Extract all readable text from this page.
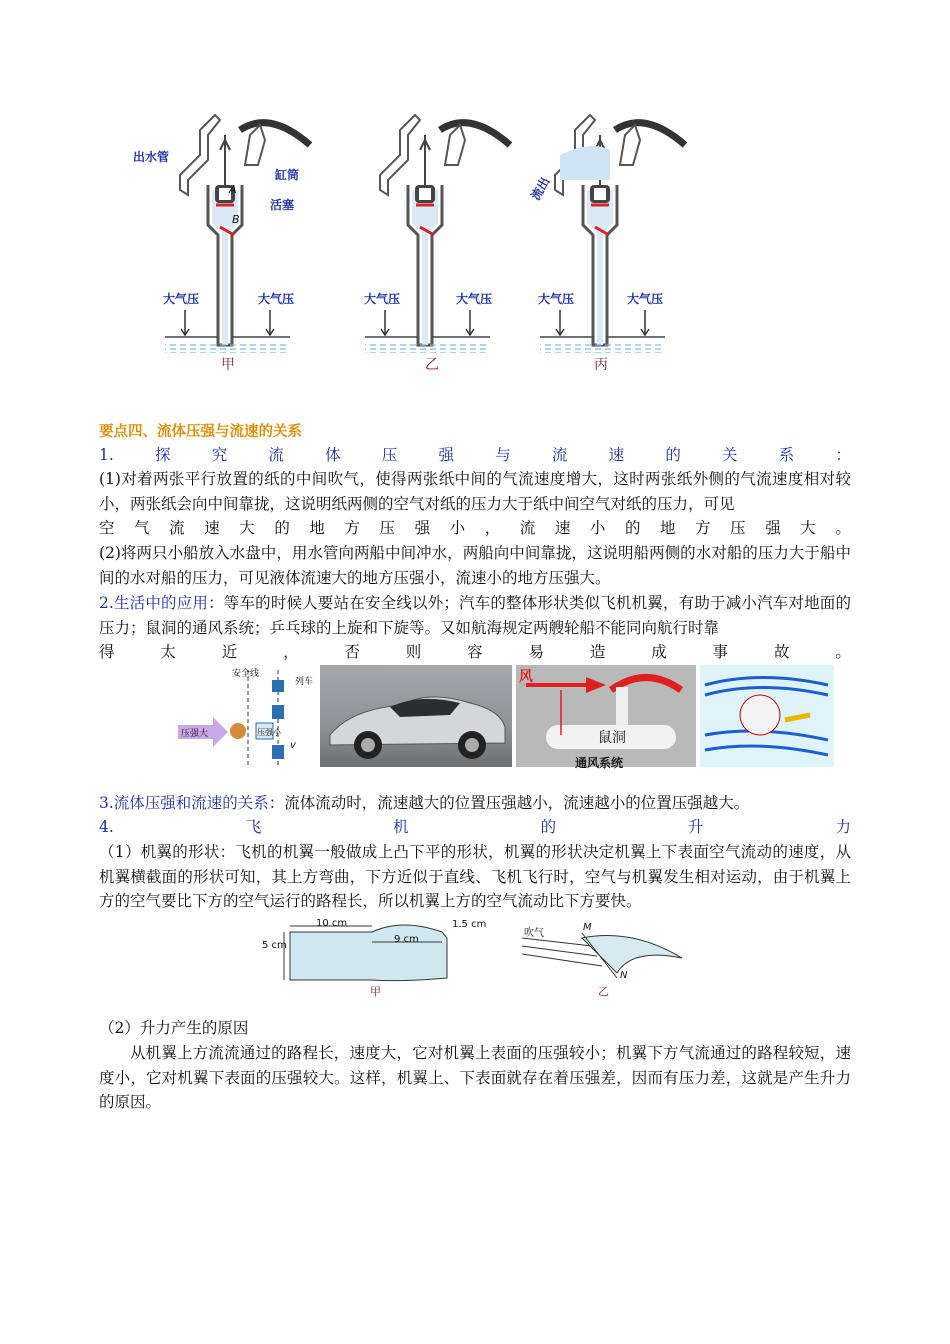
出水管
缸筒
活塞
大气压	大气压	大气压	大气压	大气压	大气压
流出
A
B
甲	乙	丙
要点四、流体压强与流速的关系
1.	探	究	流	体	压	强	与	流	速	的	关	系	：
(1)对着两张平行放置的纸的中间吹气，使得两张纸中间的气流速度增大，这时两张纸外侧的气流速度相对较小，两张纸会向中间靠拢，这说明纸两侧的空气对纸的压力大于纸中间空气对纸的压力，可见
空 气 流 速 大 的 地 方 压 强 小 ， 流 速 小 的 地 方 压 强 大 。
(2)将两只小船放入水盘中，用水管向两船中间冲水，两船向中间靠拢，这说明船两侧的水对船的压力大于船中间的水对船的压力，可见液体流速大的地方压强小，流速小的地方压强大。
2.生活中的应用：等车的时候人要站在安全线以外；汽车的整体形状类似飞机机翼，有助于减小汽车对地面的压力；鼠洞的通风系统；乒乓球的上旋和下旋等。又如航海规定两艘轮船不能同向航行时靠
得	太	近	，	否	则	容	易	造	成	事	故	。
安全线
列车
压强大	压强小
v
风
鼠洞
通风系统
3.流体压强和流速的关系：流体流动时，流速越大的位置压强越小，流速越小的位置压强越大。
4.	飞	机	的	升	力
（1）机翼的形状：飞机的机翼一般做成上凸下平的形状，机翼的形状决定机翼上下表面空气流动的速度，从机翼横截面的形状可知，其上方弯曲，下方近似于直线、飞机飞行时，空气与机翼发生相对运动，由于机翼上方的空气要比下方的空气运行的路程长，所以机翼上方的空气流动比下方要快。
10 cm
9 cm
1.5 cm
5 cm
甲
吹气
M
N
乙
（2）升力产生的原因
从机翼上方流流通过的路程长，速度大，它对机翼上表面的压强较小；机翼下方气流通过的路程较短，速度小，它对机翼下表面的压强较大。这样，机翼上、下表面就存在着压强差，因而有压力差，这就是产生升力的原因。
